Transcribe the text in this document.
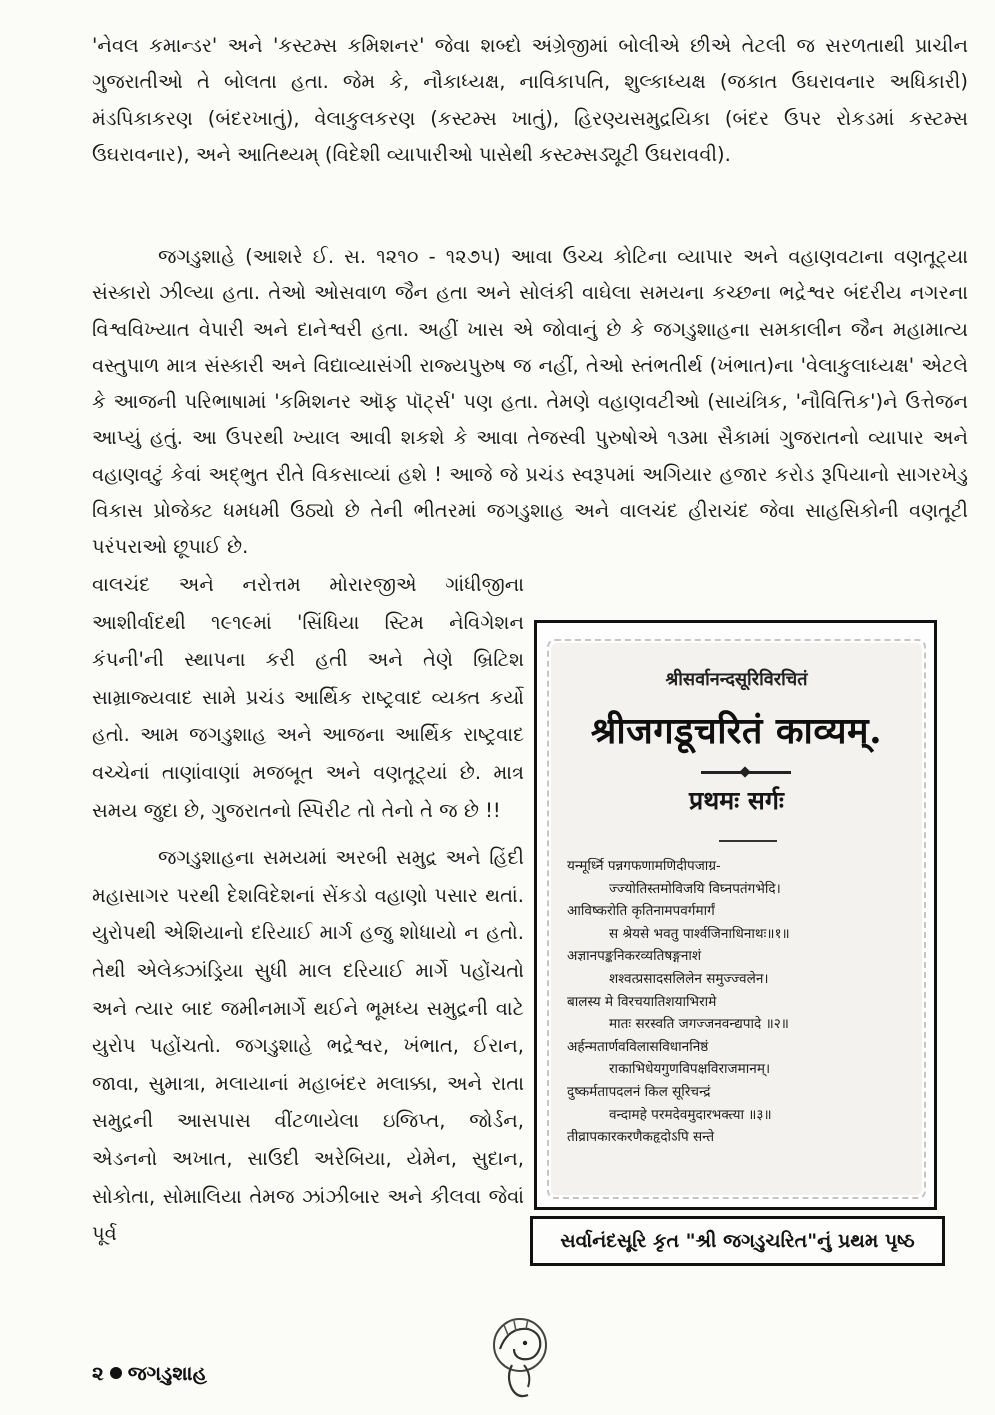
'નેવલ કમાન્ડર' અને 'કસ્ટમ્સ કમિશનર' જેવા શબ્દો અંગ્રેજીમાં બોલીએ છીએ તેટલી જ સરળતાથી પ્રાચીન ગુજરાતીઓ તે બોલતા હતા. જેમ કે, નૌકાધ્યક્ષ, નાવિકાપતિ, શુલ્કાધ્યક્ષ (જકાત ઉઘરાવનાર અધિકારી) મંડપિકાકરણ (બંદરખાતું), વેલાકુલકરણ (કસ્ટમ્સ ખાતું), હિરણ્યસમુદ્રયિકા (બંદર ઉપર રોકડમાં કસ્ટમ્સ ઉઘરાવનાર), અને આતિથ્યમ્ (વિદેશી વ્યાપારીઓ પાસેથી કસ્ટમ્સડ્યૂટી ઉઘરાવવી).

જગડુશાહે (આશરે ઈ. સ. ૧૨૧૦ - ૧૨૭૫) આવા ઉચ્ચ કોટિના વ્યાપાર અને વહાણવટાના વણતૂટ્યા સંસ્કારો ઝીલ્યા હતા. તેઓ ઓસવાળ જૈન હતા અને સોલંકી વાઘેલા સમયના કચ્છના ભદ્રેશ્વર બંદરીય નગરના વિશ્વવિખ્યાત વેપારી અને દાનેશ્વરી હતા. અહીં ખાસ એ જોવાનું છે કે જગડુશાહના સમકાલીન જૈન મહામાત્ય વસ્તુપાળ માત્ર સંસ્કારી અને વિદ્યાવ્યાસંગી રાજ્યપુરુષ જ નહીં, તેઓ સ્તંભતીર્થ (ખંભાત)ના 'વેલાકુલાધ્યક્ષ' એટલે કે આજની પરિભાષામાં 'કમિશનર ઑફ પૉર્ટ્સ' પણ હતા. તેમણે વહાણવટીઓ (સાયંત્રિક, 'નૌવિત્તિક')ને ઉત્તેજન આપ્યું હતું. આ ઉપરથી ખ્યાલ આવી શકશે કે આવા તેજસ્વી પુરુષોએ ૧૩મા સૈકામાં ગુજરાતનો વ્યાપાર અને વહાણવટું કેવાં અદ્ભુત રીતે વિકસાવ્યાં હશે ! આજે જે પ્રચંડ સ્વરૂપમાં અગિયાર હજાર કરોડ રૂપિયાનો સાગરખેડુ વિકાસ પ્રોજેક્ટ ધમધમી ઉઠ્યો છે તેની ભીતરમાં જગડુશાહ અને વાલચંદ હીરાચંદ જેવા સાહસિકોની વણતૂટી પરંપરાઓ છૂપાઈ છે.

વાલચંદ અને નરોત્તમ મોરારજીએ ગાંધીજીના આશીર્વાદથી ૧૯૧૯માં 'સિંધિયા સ્ટિમ નેવિગેશન કંપની'ની સ્થાપના કરી હતી અને તેણે બ્રિટિશ સામ્રાજ્યવાદ સામે પ્રચંડ આર્થિક રાષ્ટ્રવાદ વ્યક્ત કર્યો હતો. આમ જગડુશાહ અને આજના આર્થિક રાષ્ટ્રવાદ વચ્ચેનાં તાણાંવાણાં મજબૂત અને વણતૂટ્યાં છે. માત્ર સમય જુદા છે, ગુજરાતનો સ્પિરીટ તો તેનો તે જ છે !!

જગડુશાહના સમયમાં અરબી સમુદ્ર અને હિંદી મહાસાગર પરથી દેશવિદેશનાં સેંકડો વહાણો પસાર થતાં. યુરોપથી એશિયાનો દરિયાઈ માર્ગ હજુ શોધાયો ન હતો. તેથી એલેક્ઝાંડ્રિયા સુધી માલ દરિયાઈ માર્ગે પહોંચતો અને ત્યાર બાદ જમીનમાર્ગે થઈને ભૂમધ્ય સમુદ્રની વાટે યુરોપ પહોંચતો. જગડુશાહે ભદ્રેશ્વર, ખંભાત, ઈરાન, જાવા, સુમાત્રા, મલાયાનાં મહાબંદર મલાક્કા, અને રાતા સમુદ્રની આસપાસ વીંટળાયેલા ઇજિપ્ત, જોર્ડન, એડનનો અખાત, સાઉદી અરેબિયા, યેમેન, સુદાન, સોકોતા, સોમાલિયા તેમજ ઝાંઝીબાર અને કીલવા જેવાં પૂર્વ

श्रीसर्वानन्दसूरिविरचितं
श्रीजगडूचरितं काव्यम्.
प्रथमः सर्गः
यन्मूर्ध्नि पन्नगफणामणिदीपजाग्र-
ज्ज्योतिस्तमोविजयि विघ्नपतंगभेदि।
आविष्करोति कृतिनामपवर्गमार्गं
स श्रेयसे भवतु पार्श्वजिनाधिनाथः॥१॥
अज्ञानपङ्कनिकरव्यतिषङ्गनाशं
शश्वत्प्रसादसलिलेन समुज्ज्वलेन।
बालस्य मे विरचयातिशयाभिरामे
मातः सरस्वति जगज्जनवन्द्यपादे ॥२॥
अर्हन्मतार्णवविलासविधाननिष्ठं
राकाभिधेयगुणविपक्षविराजमानम्।
दुष्कर्मतापदलनं किल सूरिचन्द्रं
वन्दामहे परमदेवमुदारभक्त्या ॥३॥
तीव्रापकारकरणैकहृदोऽपि सन्ते
સર્વાનંદસૂરિ કૃત "શ્રી જગડુચરિત"નું પ્રથમ પૃષ્ઠ
૨ જગડુશાહ
